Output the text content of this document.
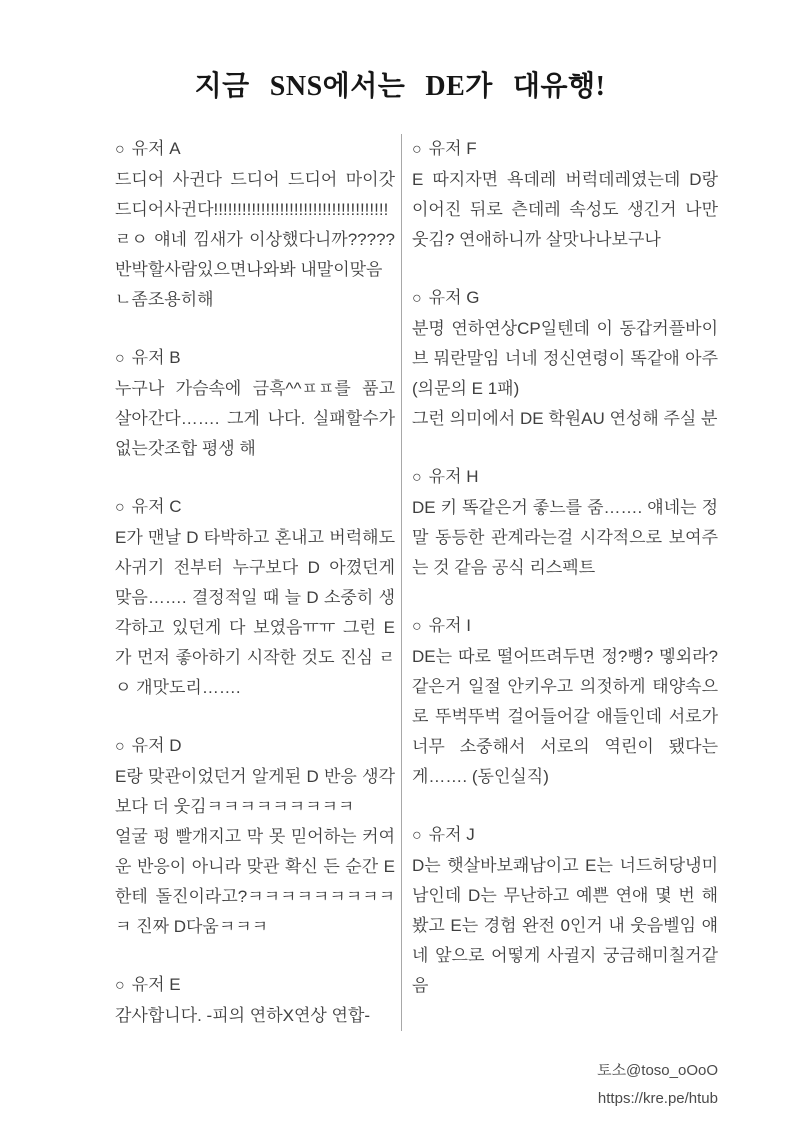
지금 SNS에서는 DE가 대유행!
○ 유저 A

드디어 사귄다 드디어 드디어 마이갓 드디어사귄다!!!!!!!!!!!!!!!!!!!!!!!!!!!!!!!!!!!!! ㄹㅇ 얘네 낌새가 이상했다니까????? 반박할사람있으면나와봐 내말이맞음

ㄴ좀조용히해

○ 유저 B

누구나 가슴속에 금흑^^ㅍㅍ를 품고 살아간다……. 그게 나다. 실패할수가없는갓조합 평생 해

○ 유저 C

E가 맨날 D 타박하고 혼내고 버럭해도 사귀기 전부터 누구보다 D 아꼈던게 맞음……. 결정적일 때 늘 D 소중히 생각하고 있던게 다 보였음ㅠㅠ 그런 E가 먼저 좋아하기 시작한 것도 진심 ㄹㅇ 개맛도리…….

○ 유저 D

E랑 맞관이었던거 알게된 D 반응 생각보다 더 웃김ㅋㅋㅋㅋㅋㅋㅋㅋㅋ

얼굴 펑 빨개지고 막 못 믿어하는 커여운 반응이 아니라 맞관 확신 든 순간 E한테 돌진이라고?ㅋㅋㅋㅋㅋㅋㅋㅋㅋㅋ 진짜 D다움ㅋㅋㅋ

○ 유저 E

감사합니다. -피의 연하X연상 연합-

○ 유저 F

E 따지자면 욕데레 버럭데레였는데 D랑 이어진 뒤로 츤데레 속성도 생긴거 나만 웃김? 연애하니까 살맛나나보구나

○ 유저 G

분명 연하연상CP일텐데 이 동갑커플바이브 뭐란말임 너네 정신연령이 똑같애 아주(의문의 E 1패)

그런 의미에서 DE 학원AU 연성해 주실 분

○ 유저 H

DE 키 똑같은거 좋느를 줌……. 얘네는 정말 동등한 관계라는걸 시각적으로 보여주는 것 같음 공식 리스펙트

○ 유저 I

DE는 따로 떨어뜨려두면 정?뼝? 멯외라? 같은거 일절 안키우고 의젓하게 태양속으로 뚜벅뚜벅 걸어들어갈 애들인데 서로가 너무 소중해서 서로의 역린이 됐다는게……. (동인실직)

○ 유저 J

D는 햇살바보쾌남이고 E는 너드허당냉미남인데 D는 무난하고 예쁜 연애 몇 번 해봤고 E는 경험 완전 0인거 내 웃음벨임 얘네 앞으로 어떻게 사귈지 궁금해미칠거같음

토소@toso_oOoO
https://kre.pe/htub
